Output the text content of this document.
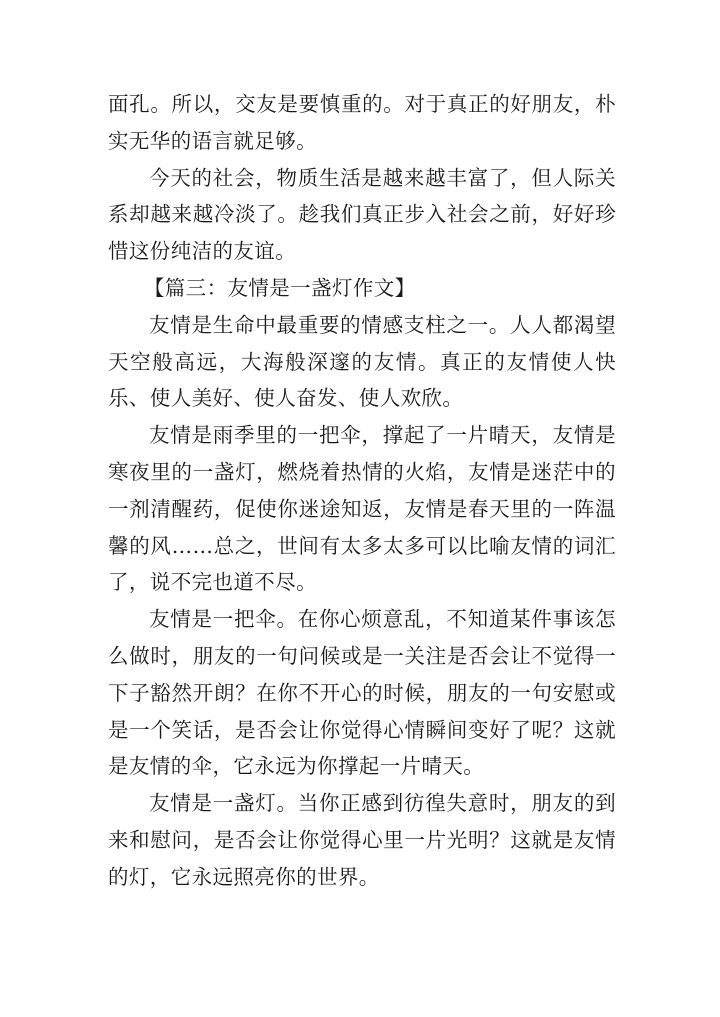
面孔。所以，交友是要慎重的。对于真正的好朋友，朴实无华的语言就足够。

今天的社会，物质生活是越来越丰富了，但人际关系却越来越冷淡了。趁我们真正步入社会之前，好好珍惜这份纯洁的友谊。

【篇三：友情是一盏灯作文】

友情是生命中最重要的情感支柱之一。人人都渴望天空般高远，大海般深邃的友情。真正的友情使人快乐、使人美好、使人奋发、使人欢欣。

友情是雨季里的一把伞，撑起了一片晴天，友情是寒夜里的一盏灯，燃烧着热情的火焰，友情是迷茫中的一剂清醒药，促使你迷途知返，友情是春天里的一阵温馨的风……总之，世间有太多太多可以比喻友情的词汇了，说不完也道不尽。

友情是一把伞。在你心烦意乱，不知道某件事该怎么做时，朋友的一句问候或是一关注是否会让不觉得一下子豁然开朗？在你不开心的时候，朋友的一句安慰或是一个笑话，是否会让你觉得心情瞬间变好了呢？这就是友情的伞，它永远为你撑起一片晴天。

友情是一盏灯。当你正感到彷徨失意时，朋友的到来和慰问，是否会让你觉得心里一片光明？这就是友情的灯，它永远照亮你的世界。
